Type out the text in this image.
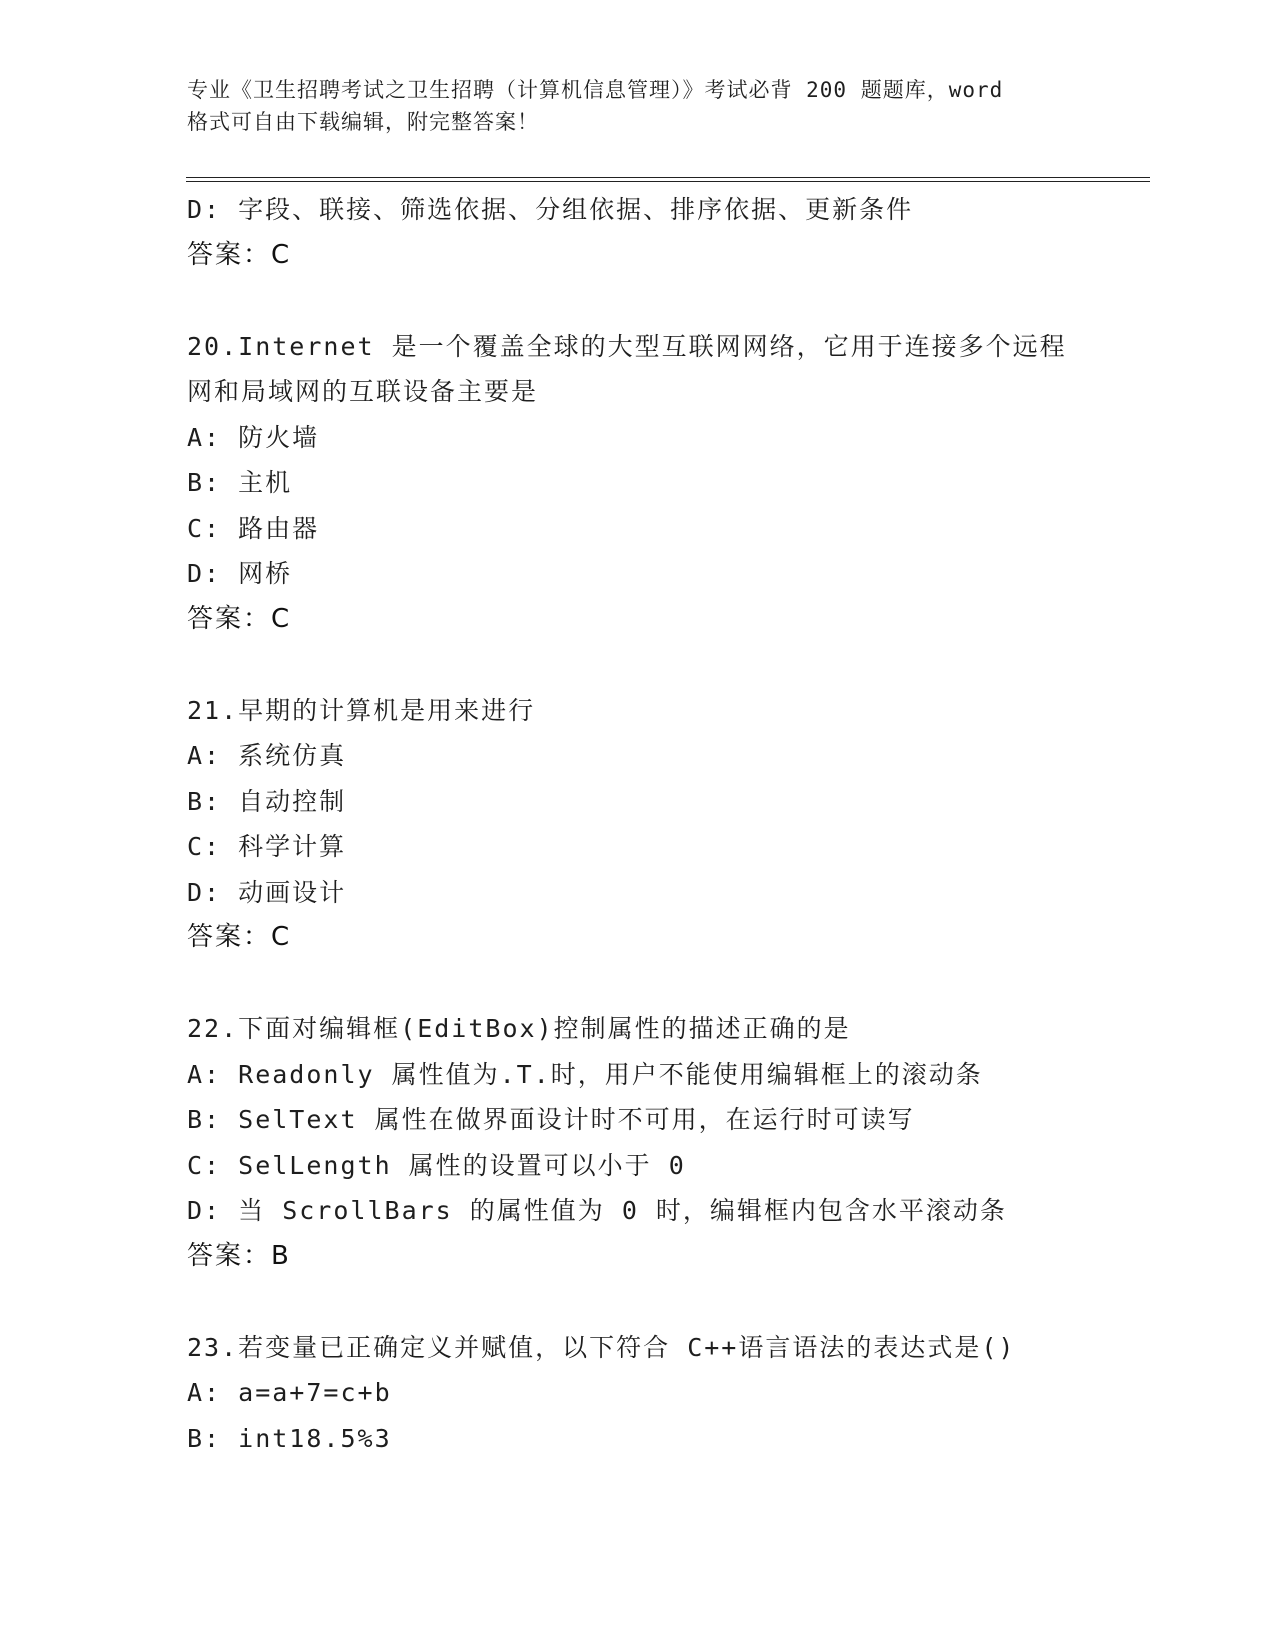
专业《卫生招聘考试之卫生招聘（计算机信息管理）》考试必背 200 题题库，word
格式可自由下载编辑，附完整答案！
D: 字段、联接、筛选依据、分组依据、排序依据、更新条件
答案：C
20.Internet 是一个覆盖全球的大型互联网网络，它用于连接多个远程
网和局域网的互联设备主要是
A: 防火墙
B: 主机
C: 路由器
D: 网桥
答案：C
21.早期的计算机是用来进行
A: 系统仿真
B: 自动控制
C: 科学计算
D: 动画设计
答案：C
22.下面对编辑框(EditBox)控制属性的描述正确的是
A: Readonly 属性值为.T.时，用户不能使用编辑框上的滚动条
B: SelText 属性在做界面设计时不可用，在运行时可读写
C: SelLength 属性的设置可以小于 0
D: 当 ScrollBars 的属性值为 0 时，编辑框内包含水平滚动条
答案：B
23.若变量已正确定义并赋值，以下符合 C++语言语法的表达式是()
A: a=a+7=c+b
B: int18.5%3
